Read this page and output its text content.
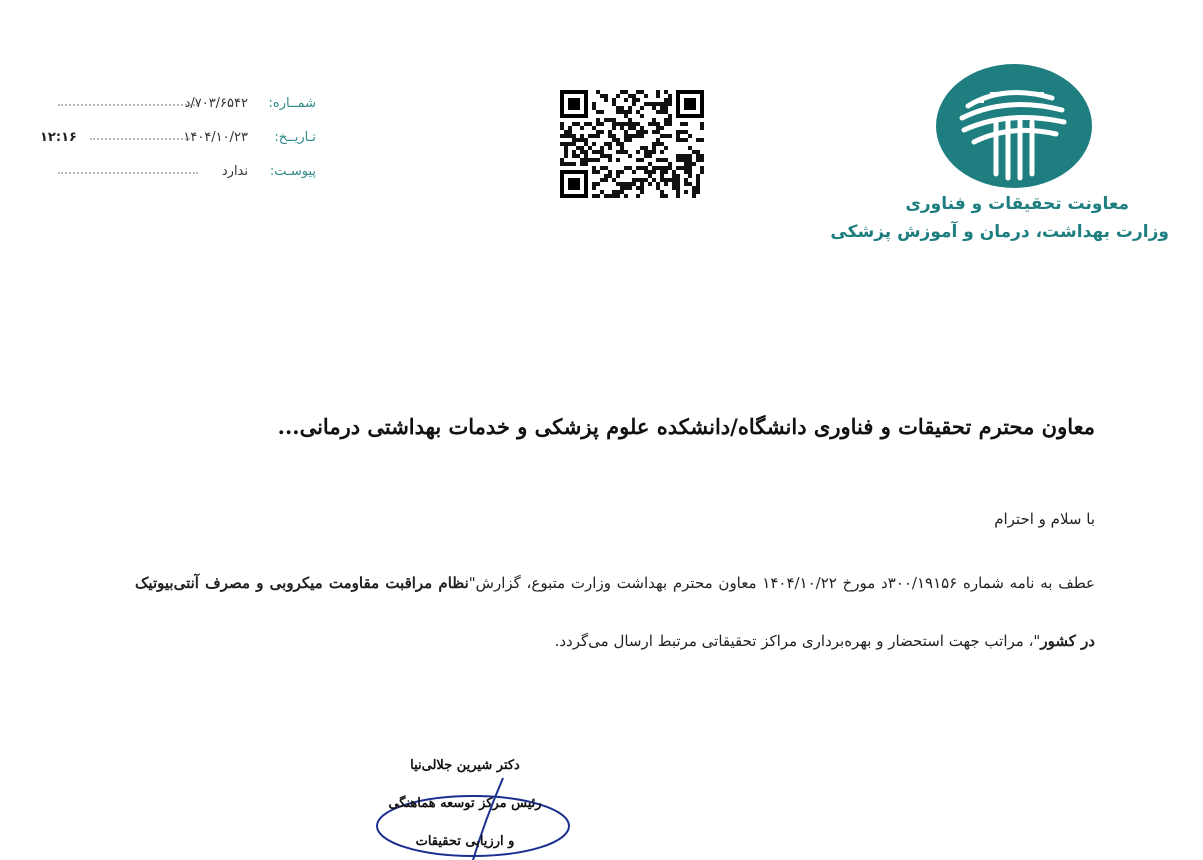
شمــاره:
۷۰۳/۶۵۴۲/د
تـاریــخ:
۱۴۰۴/۱۰/۲۳
۱۲:۱۶
پیوسـت:
ندارد
معاونت تحقیقات و فناوری
وزارت بهداشت، درمان و آموزش پزشکی
معاون محترم تحقیقات و فناوری دانشگاه/دانشکده علوم پزشکی و خدمات بهداشتی درمانی...
با سلام و احترام
عطف به نامه شماره ۳۰۰/۱۹۱۵۶د مورخ ۱۴۰۴/۱۰/۲۲ معاون محترم بهداشت وزارت متبوع، گزارش"نظام مراقبت مقاومت میکروبی و مصرف آنتی‌بیوتیک در کشور"، مراتب جهت استحضار و بهره‌برداری مراکز تحقیقاتی مرتبط ارسال می‌گردد.
دکتر شیرین جلالی‌نیا
رئیس مرکز توسعه هماهنگی
و ارزیابی تحقیقات
